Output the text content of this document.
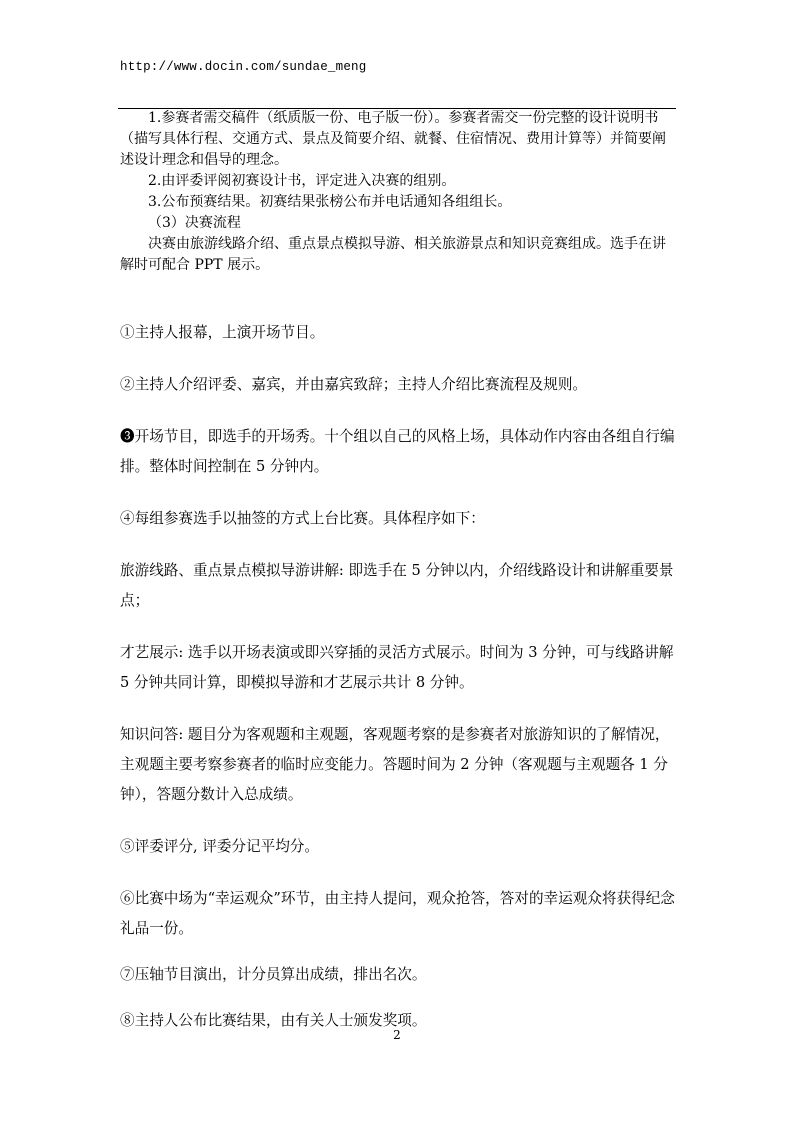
http://www.docin.com/sundae_meng

1.参赛者需交稿件（纸质版一份、电子版一份）。参赛者需交一份完整的设计说明书（描写具体行程、交通方式、景点及简要介绍、就餐、住宿情况、费用计算等）并简要阐述设计理念和倡导的理念。

2.由评委评阅初赛设计书，评定进入决赛的组别。

3.公布预赛结果。初赛结果张榜公布并电话通知各组组长。

（3）决赛流程

决赛由旅游线路介绍、重点景点模拟导游、相关旅游景点和知识竞赛组成。选手在讲解时可配合 PPT 展示。

①主持人报幕，上演开场节目。

②主持人介绍评委、嘉宾，并由嘉宾致辞；主持人介绍比赛流程及规则。

❸开场节目，即选手的开场秀。十个组以自己的风格上场，具体动作内容由各组自行编排。整体时间控制在 5 分钟内。

④每组参赛选手以抽签的方式上台比赛。具体程序如下：

旅游线路、重点景点模拟导游讲解: 即选手在 5 分钟以内，介绍线路设计和讲解重要景点；

才艺展示: 选手以开场表演或即兴穿插的灵活方式展示。时间为 3 分钟，可与线路讲解 5 分钟共同计算，即模拟导游和才艺展示共计 8 分钟。

知识问答: 题目分为客观题和主观题，客观题考察的是参赛者对旅游知识的了解情况，主观题主要考察参赛者的临时应变能力。答题时间为 2 分钟（客观题与主观题各 1 分钟），答题分数计入总成绩。

⑤评委评分, 评委分记平均分。

⑥比赛中场为“幸运观众”环节，由主持人提问，观众抢答，答对的幸运观众将获得纪念礼品一份。

⑦压轴节目演出，计分员算出成绩，排出名次。

⑧主持人公布比赛结果，由有关人士颁发奖项。

2
